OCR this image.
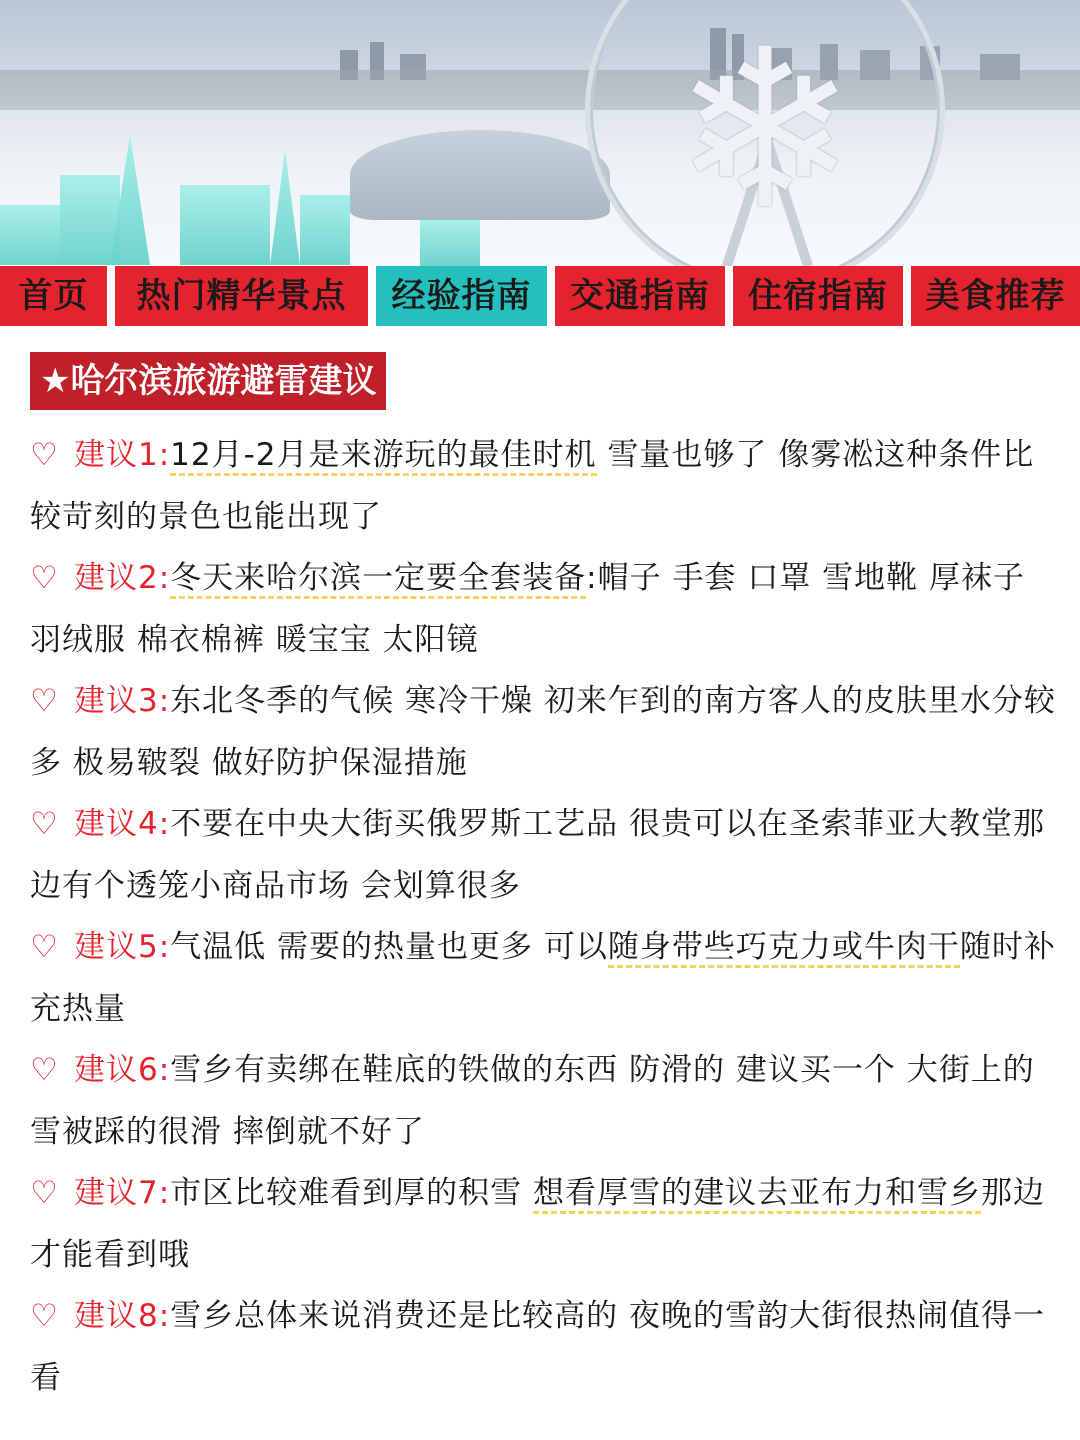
❄
首页	热门精华景点	经验指南	交通指南	住宿指南	美食推荐
★哈尔滨旅游避雷建议
♡ 建议1:12月-2月是来游玩的最佳时机 雪量也够了 像雾凇这种条件比较苛刻的景色也能出现了
♡ 建议2:冬天来哈尔滨一定要全套装备:帽子 手套 口罩 雪地靴 厚袜子 羽绒服 棉衣棉裤 暖宝宝 太阳镜
♡ 建议3:东北冬季的气候 寒冷干燥 初来乍到的南方客人的皮肤里水分较多 极易皲裂 做好防护保湿措施
♡ 建议4:不要在中央大街买俄罗斯工艺品 很贵可以在圣索菲亚大教堂那边有个透笼小商品市场 会划算很多
♡ 建议5:气温低 需要的热量也更多 可以随身带些巧克力或牛肉干随时补充热量
♡ 建议6:雪乡有卖绑在鞋底的铁做的东西 防滑的 建议买一个 大街上的雪被踩的很滑 摔倒就不好了
♡ 建议7:市区比较难看到厚的积雪 想看厚雪的建议去亚布力和雪乡那边才能看到哦
♡ 建议8:雪乡总体来说消费还是比较高的 夜晚的雪韵大街很热闹值得一看
